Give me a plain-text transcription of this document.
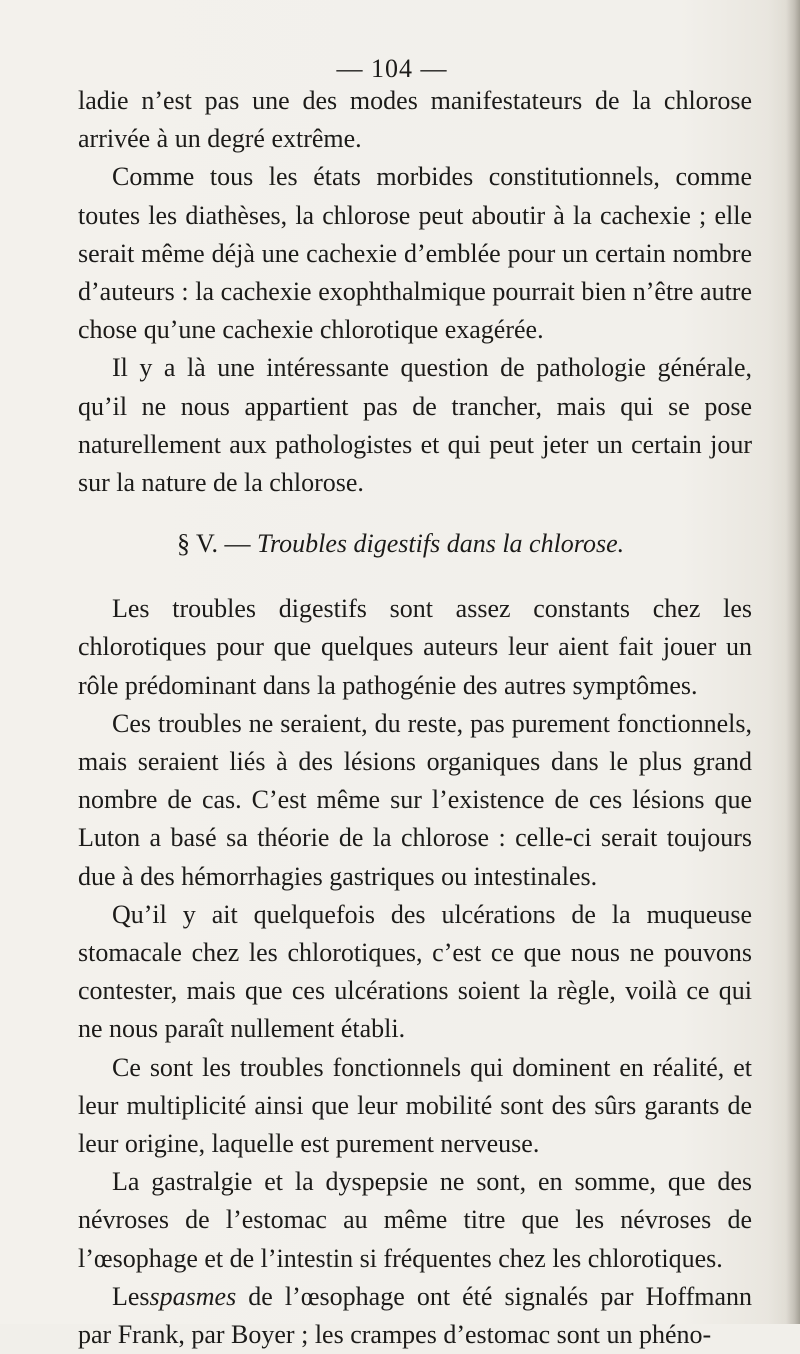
— 104 —

ladie n’est pas une des modes manifestateurs de la chlorose arrivée à un degré extrême.

Comme tous les états morbides constitutionnels, comme toutes les diathèses, la chlorose peut aboutir à la cachexie ; elle serait même déjà une cachexie d’emblée pour un certain nombre d’auteurs : la cachexie exophthalmique pourrait bien n’être autre chose qu’une cachexie chlorotique exagérée.

Il y a là une intéressante question de pathologie générale, qu’il ne nous appartient pas de trancher, mais qui se pose naturellement aux pathologistes et qui peut jeter un certain jour sur la nature de la chlorose.

§ V. — Troubles digestifs dans la chlorose.

Les troubles digestifs sont assez constants chez les chlorotiques pour que quelques auteurs leur aient fait jouer un rôle prédominant dans la pathogénie des autres symptômes.

Ces troubles ne seraient, du reste, pas purement fonctionnels, mais seraient liés à des lésions organiques dans le plus grand nombre de cas. C’est même sur l’existence de ces lésions que Luton a basé sa théorie de la chlorose : celle-ci serait toujours due à des hémorrhagies gastriques ou intestinales.

Qu’il y ait quelquefois des ulcérations de la muqueuse stomacale chez les chlorotiques, c’est ce que nous ne pouvons contester, mais que ces ulcérations soient la règle, voilà ce qui ne nous paraît nullement établi.

Ce sont les troubles fonctionnels qui dominent en réalité, et leur multiplicité ainsi que leur mobilité sont des sûrs garants de leur origine, laquelle est purement nerveuse.

La gastralgie et la dyspepsie ne sont, en somme, que des névroses de l’estomac au même titre que les névroses de l’œsophage et de l’intestin si fréquentes chez les chlorotiques.

Lesspasmes de l’œsophage ont été signalés par Hoffmann par Frank, par Boyer ; les crampes d’estomac sont un phéno-
